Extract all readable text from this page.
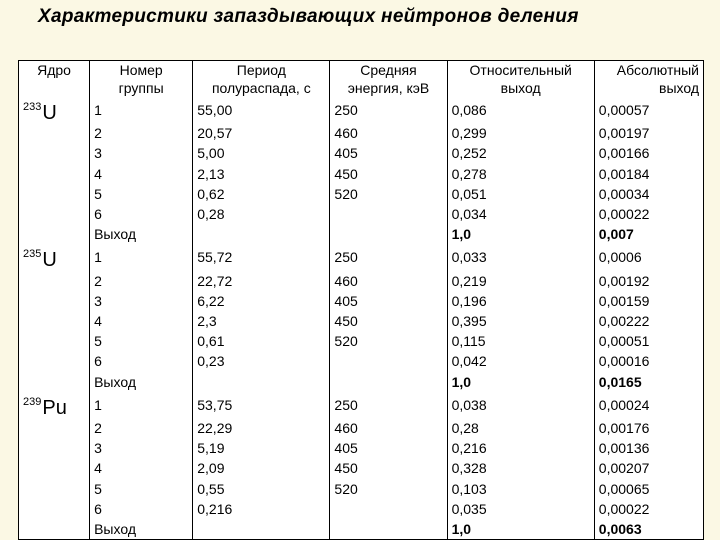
Характеристики запаздывающих нейтронов деления
Ядро	Номер	Период	Средняя	Относительный	Абсолютный
	группы	полураспада, с	энергия, кэВ	выход	выход
$^{233}$U	1	55,00	250	0,086	0,00057
	2	20,57	460	0,299	0,00197
	3	5,00	405	0,252	0,00166
	4	2,13	450	0,278	0,00184
	5	0,62	520	0,051	0,00034
	6	0,28		0,034	0,00022
	Выход			1,0	0,007
$^{235}$U	1	55,72	250	0,033	0,0006
	2	22,72	460	0,219	0,00192
	3	6,22	405	0,196	0,00159
	4	2,3	450	0,395	0,00222
	5	0,61	520	0,115	0,00051
	6	0,23		0,042	0,00016
	Выход			1,0	0,0165
$^{239}$Pu	1	53,75	250	0,038	0,00024
	2	22,29	460	0,28	0,00176
	3	5,19	405	0,216	0,00136
	4	2,09	450	0,328	0,00207
	5	0,55	520	0,103	0,00065
	6	0,216		0,035	0,00022
	Выход			1,0	0,0063
